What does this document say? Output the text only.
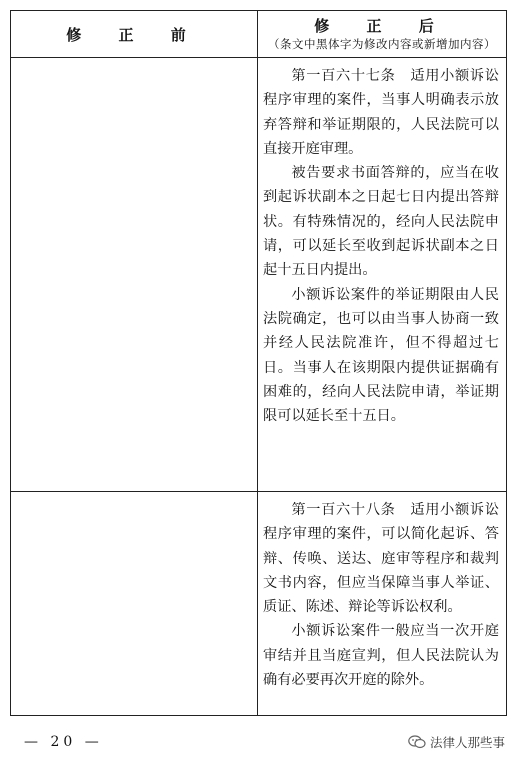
修 正 前	修 正 后
（条文中黑体字为修改内容或新增加内容）

第一百六十七条　适用小额诉讼程序审理的案件，当事人明确表示放弃答辩和举证期限的，人民法院可以直接开庭审理。

被告要求书面答辩的，应当在收到起诉状副本之日起七日内提出答辩状。有特殊情况的，经向人民法院申请，可以延长至收到起诉状副本之日起十五日内提出。

小额诉讼案件的举证期限由人民法院确定，也可以由当事人协商一致并经人民法院准许，但不得超过七日。当事人在该期限内提供证据确有困难的，经向人民法院申请，举证期限可以延长至十五日。

第一百六十八条　适用小额诉讼程序审理的案件，可以简化起诉、答辩、传唤、送达、庭审等程序和裁判文书内容，但应当保障当事人举证、质证、陈述、辩论等诉讼权利。

小额诉讼案件一般应当一次开庭审结并且当庭宣判，但人民法院认为确有必要再次开庭的除外。

— 20 —	法律人那些事
